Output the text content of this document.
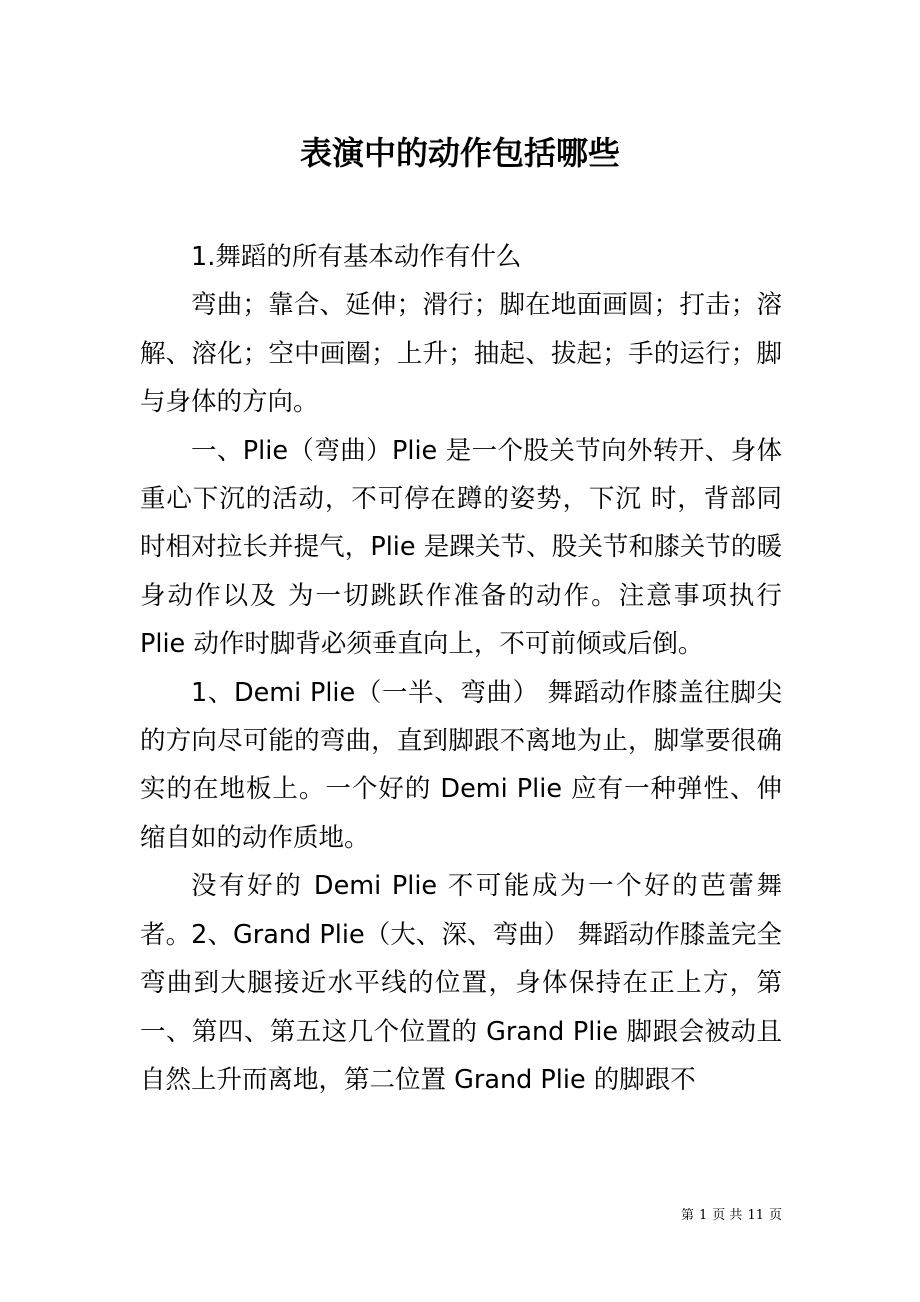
表演中的动作包括哪些

1.舞蹈的所有基本动作有什么

弯曲；靠合、延伸；滑行；脚在地面画圆；打击；溶解、溶化；空中画圈；上升；抽起、拔起；手的运行；脚与身体的方向。

一、Plie（弯曲）Plie 是一个股关节向外转开、身体重心下沉的活动，不可停在蹲的姿势，下沉 时，背部同时相对拉长并提气，Plie 是踝关节、股关节和膝关节的暖身动作以及 为一切跳跃作准备的动作。注意事项执行 Plie 动作时脚背必须垂直向上，不可前倾或后倒。

1、Demi Plie（一半、弯曲） 舞蹈动作膝盖往脚尖的方向尽可能的弯曲，直到脚跟不离地为止，脚掌要很确实的在地板上。一个好的 Demi Plie 应有一种弹性、伸缩自如的动作质地。

没有好的 Demi Plie 不可能成为一个好的芭蕾舞者。2、Grand Plie（大、深、弯曲） 舞蹈动作膝盖完全弯曲到大腿接近水平线的位置，身体保持在正上方，第一、第四、第五这几个位置的 Grand Plie 脚跟会被动且自然上升而离地，第二位置 Grand Plie 的脚跟不

第 1 页 共 11 页
